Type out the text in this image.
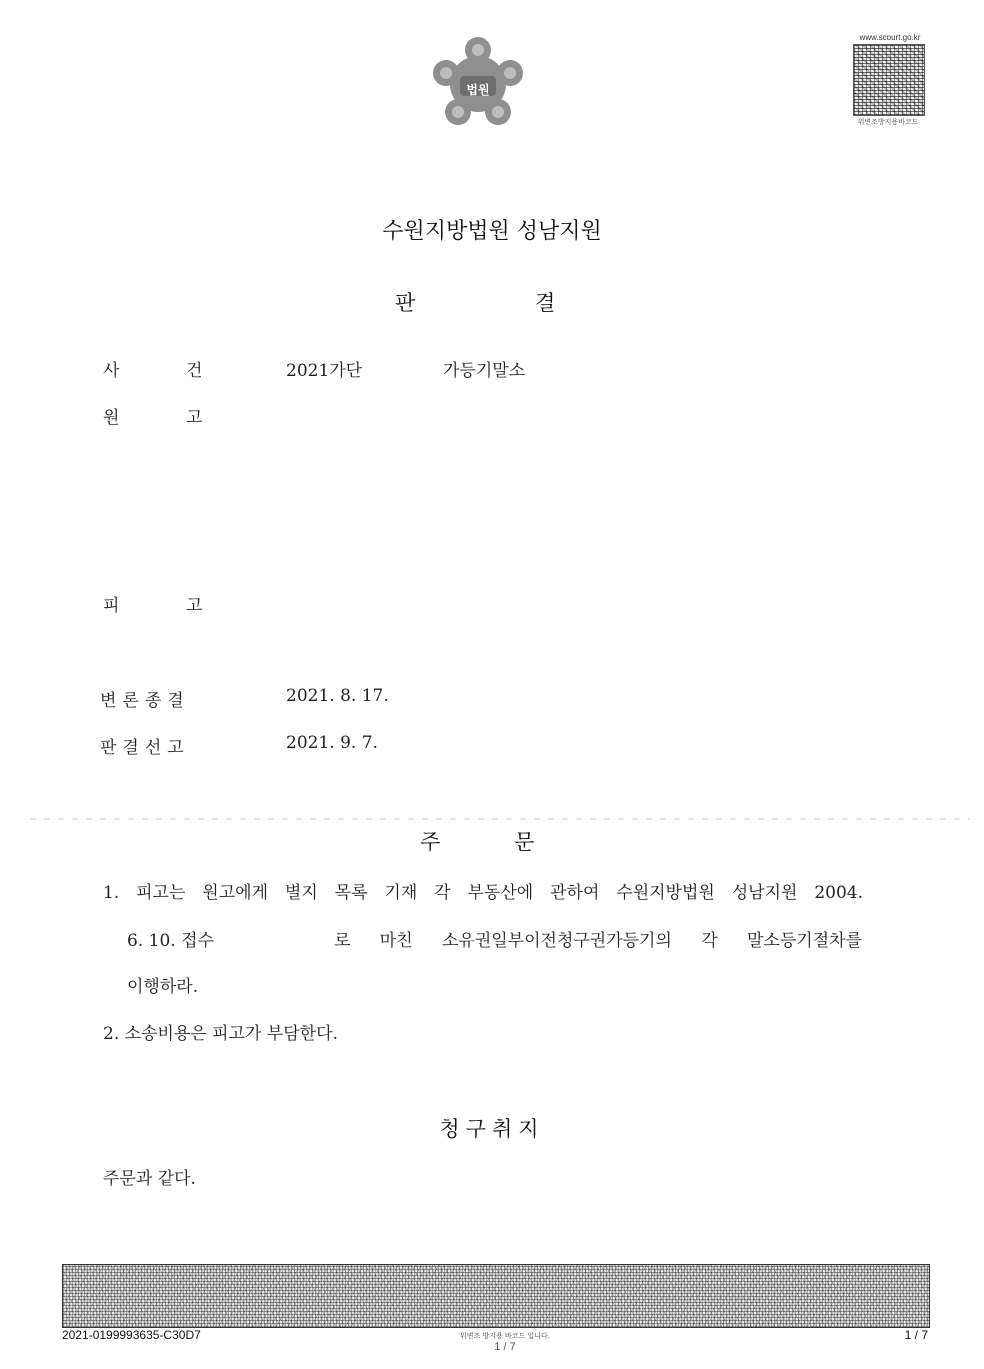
법원
www.scourt.go.kr
위변조방지용바코드
수원지방법원 성남지원
판	결
사	건	2021가단	가등기말소
원	고
피	고
변론종결	2021. 8. 17.
판결선고	2021. 9. 7.
주	문
1. 피고는 원고에게 별지 목록 기재 각 부동산에 관하여 수원지방법원 성남지원 2004.
6. 10. 접수	로 마친 소유권일부이전청구권가등기의 각 말소등기절차를
이행하라.
2. 소송비용은 피고가 부담한다.
청구취지
주문과 같다.
2021-0199993635-C30D7	위변조 방지용 바코드 입니다.
1 / 7
1 / 7
